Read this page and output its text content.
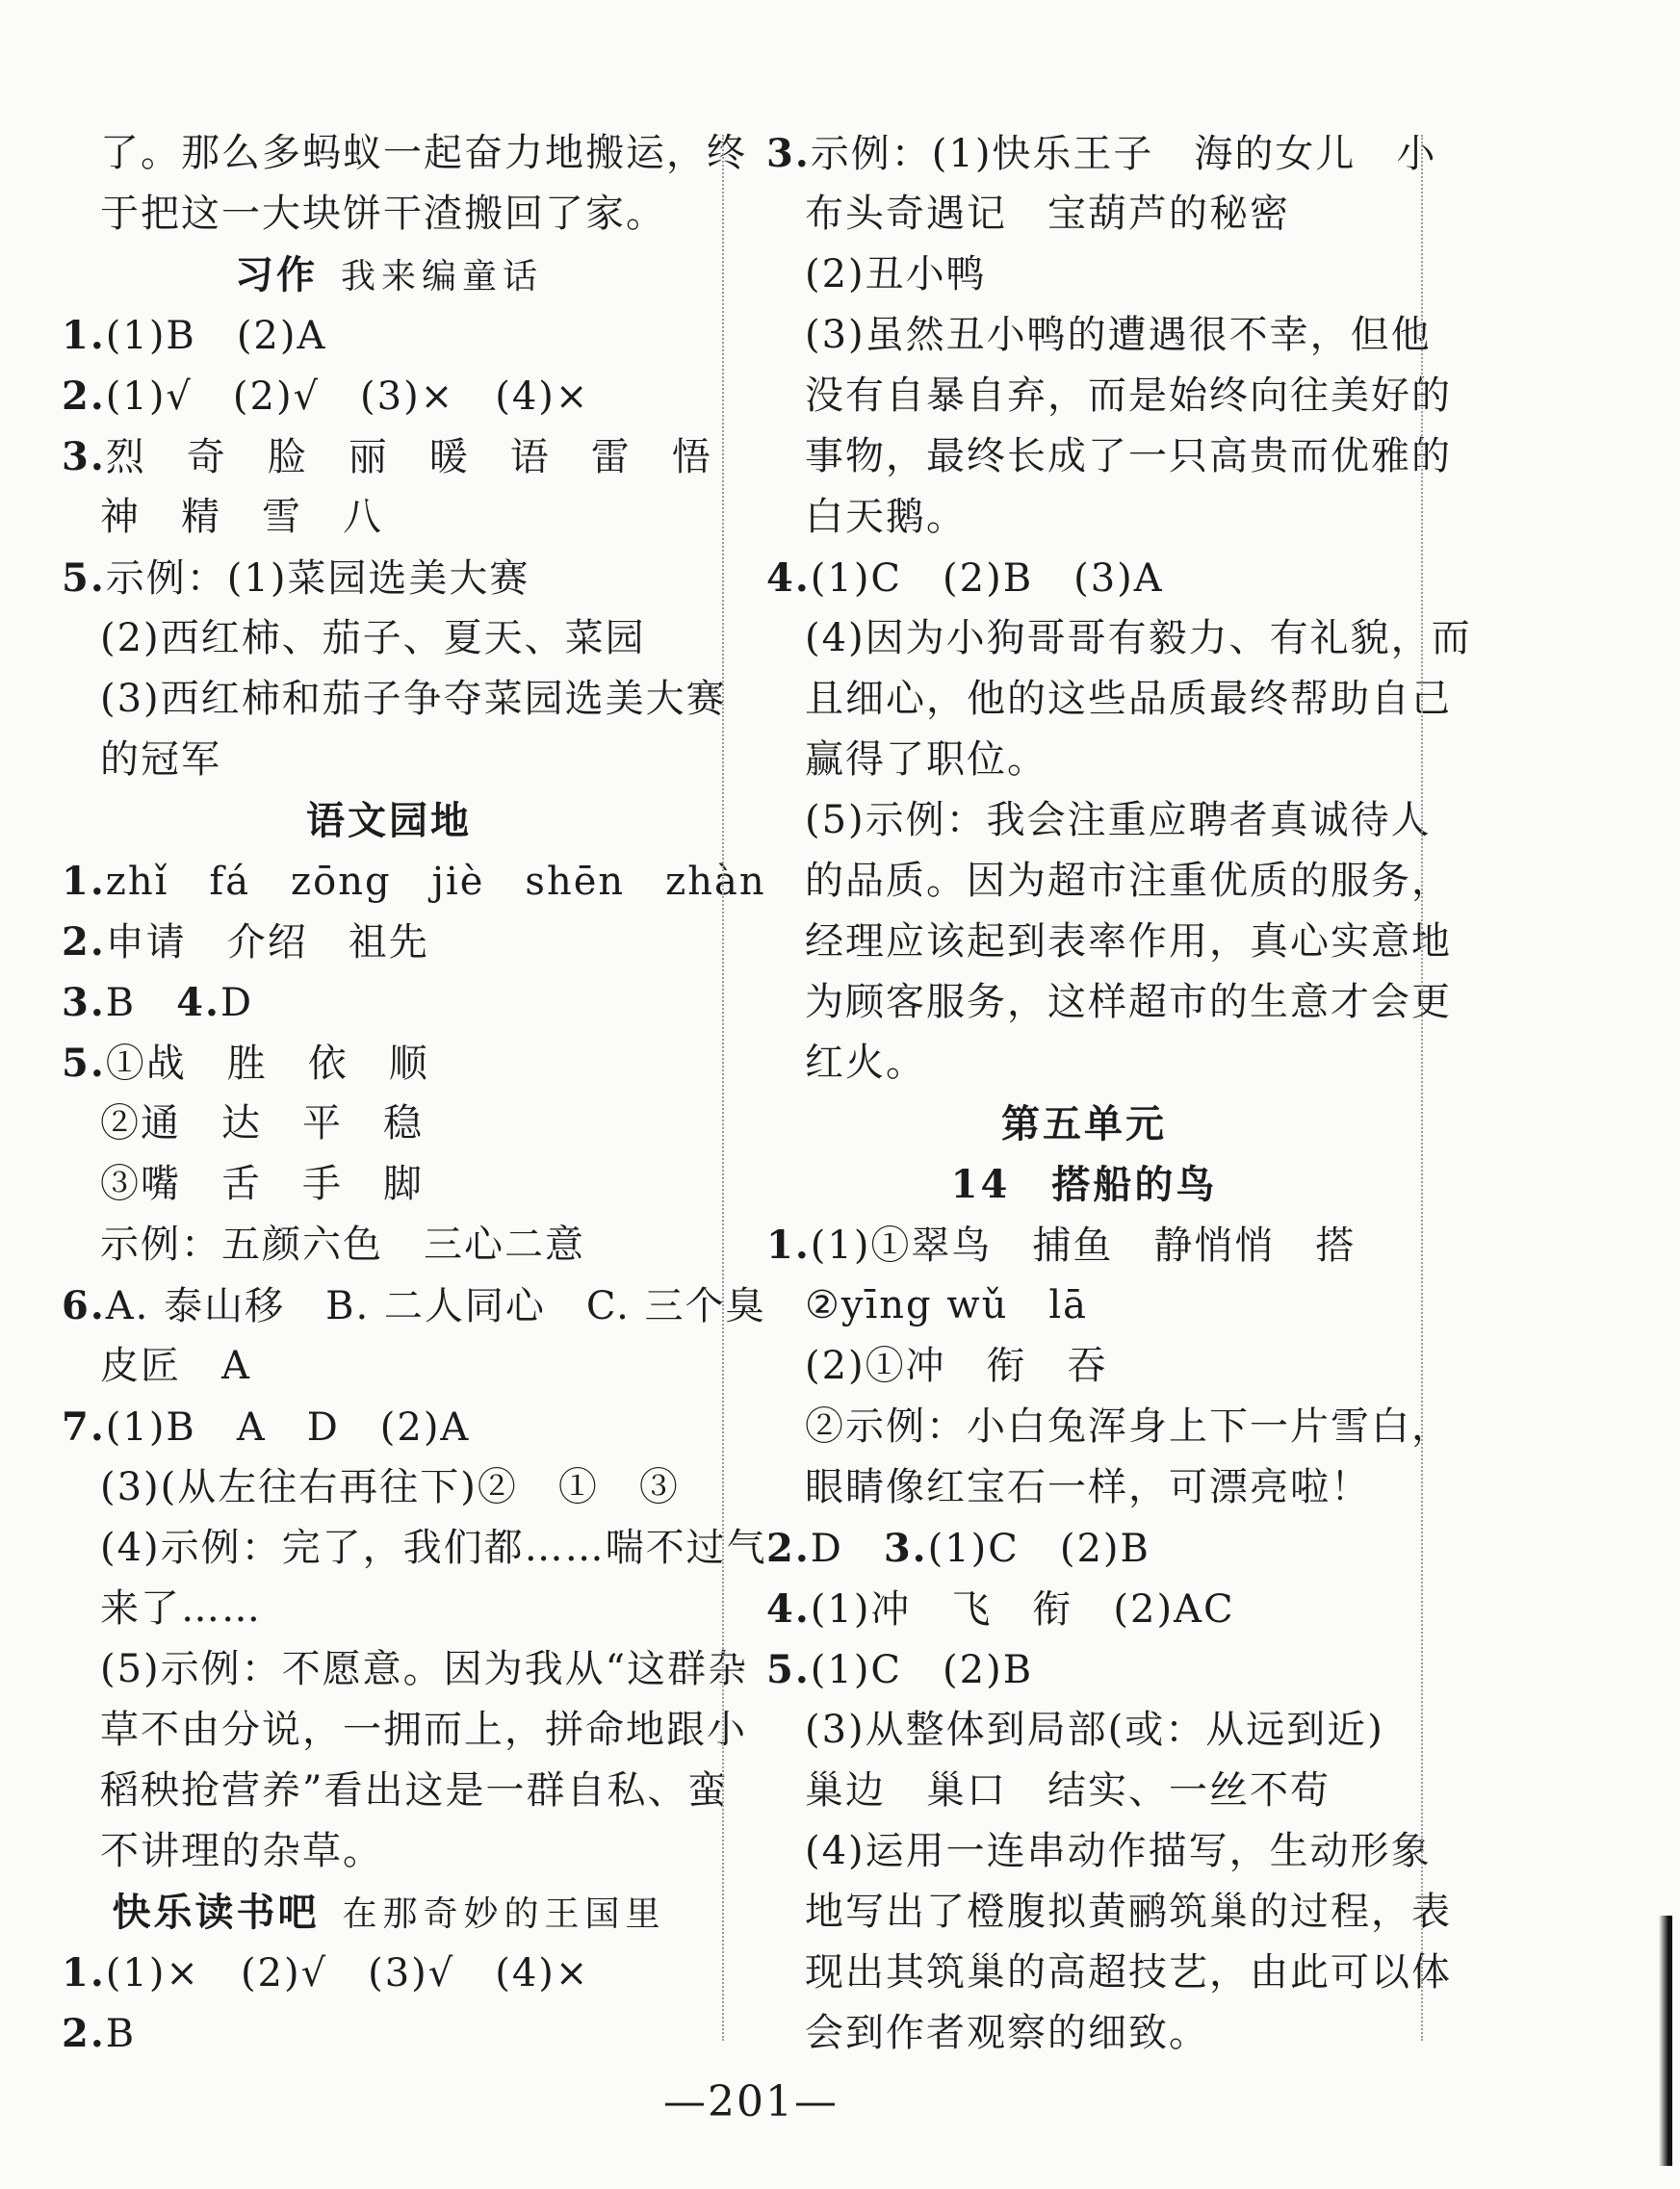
了。那么多蚂蚁一起奋力地搬运，终
于把这一大块饼干渣搬回了家。
习作 我来编童话
1.(1)B　(2)A
2.(1)√　(2)√　(3)×　(4)×
3.烈　奇　脸　丽　暖　语　雷　悟
神　精　雪　八
5.示例：(1)菜园选美大赛
(2)西红柿、茄子、夏天、菜园
(3)西红柿和茄子争夺菜园选美大赛
的冠军
语文园地
1.zhǐ　fá　zōng　jiè　shēn　zhàn
2.申请　介绍　祖先
3.B　4.D
5.①战　胜　依　顺
②通　达　平　稳
③嘴　舌　手　脚
示例：五颜六色　三心二意
6.A. 泰山移　B. 二人同心　C. 三个臭
皮匠　A
7.(1)B　A　D　(2)A
(3)(从左往右再往下)②　①　③
(4)示例：完了，我们都……喘不过气
来了……
(5)示例：不愿意。因为我从“这群杂
草不由分说，一拥而上，拼命地跟小
稻秧抢营养”看出这是一群自私、蛮
不讲理的杂草。
快乐读书吧 在那奇妙的王国里
1.(1)×　(2)√　(3)√　(4)×
2.B
3.示例：(1)快乐王子　海的女儿　小
布头奇遇记　宝葫芦的秘密
(2)丑小鸭
(3)虽然丑小鸭的遭遇很不幸，但他
没有自暴自弃，而是始终向往美好的
事物，最终长成了一只高贵而优雅的
白天鹅。
4.(1)C　(2)B　(3)A
(4)因为小狗哥哥有毅力、有礼貌，而
且细心，他的这些品质最终帮助自己
赢得了职位。
(5)示例：我会注重应聘者真诚待人
的品质。因为超市注重优质的服务，
经理应该起到表率作用，真心实意地
为顾客服务，这样超市的生意才会更
红火。
第五单元
14　搭船的鸟
1.(1)①翠鸟　捕鱼　静悄悄　搭
②yīng wǔ　lā
(2)①冲　衔　吞
②示例：小白兔浑身上下一片雪白，
眼睛像红宝石一样，可漂亮啦！
2.D　3.(1)C　(2)B
4.(1)冲　飞　衔　(2)AC
5.(1)C　(2)B
(3)从整体到局部(或：从远到近)
巢边　巢口　结实、一丝不苟
(4)运用一连串动作描写，生动形象
地写出了橙腹拟黄鹂筑巢的过程，表
现出其筑巢的高超技艺，由此可以体
会到作者观察的细致。
—201—
